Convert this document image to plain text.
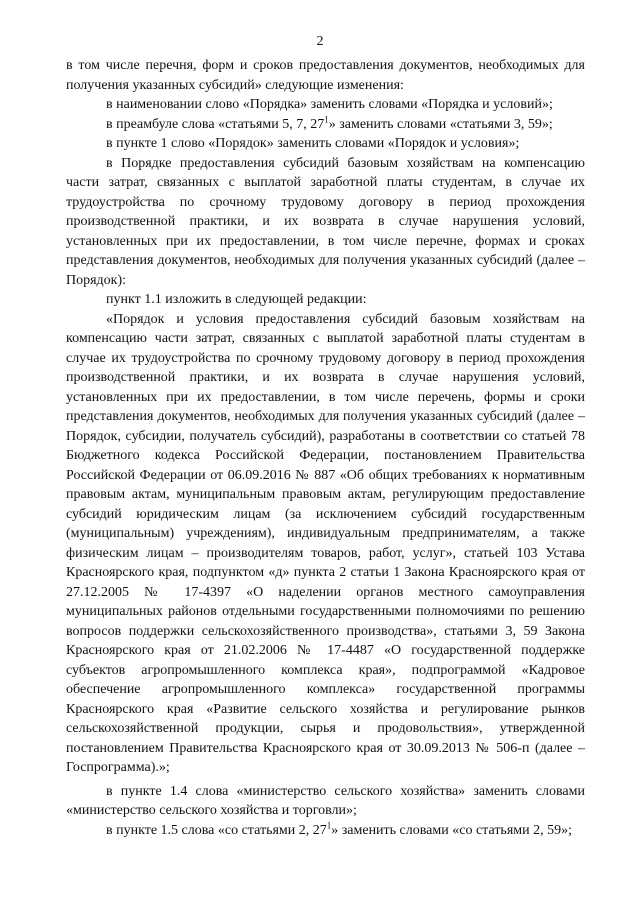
2

в том числе перечня, форм и сроков предоставления документов, необходимых для получения указанных субсидий» следующие изменения:

в наименовании слово «Порядка» заменить словами «Порядка и условий»;

в преамбуле слова «статьями 5, 7, $27^1$» заменить словами «статьями 3, 59»;

в пункте 1 слово «Порядок» заменить словами «Порядок и условия»;

в Порядке предоставления субсидий базовым хозяйствам на компенсацию части затрат, связанных с выплатой заработной платы студентам, в случае их трудоустройства по срочному трудовому договору в период прохождения производственной практики, и их возврата в случае нарушения условий, установленных при их предоставлении, в том числе перечне, формах и сроках представления документов, необходимых для получения указанных субсидий (далее – Порядок):

пункт 1.1 изложить в следующей редакции:

«Порядок и условия предоставления субсидий базовым хозяйствам на компенсацию части затрат, связанных с выплатой заработной платы студентам в случае их трудоустройства по срочному трудовому договору в период прохождения производственной практики, и их возврата в случае нарушения условий, установленных при их предоставлении, в том числе перечень, формы и сроки представления документов, необходимых для получения указанных субсидий (далее – Порядок, субсидии, получатель субсидий), разработаны в соответствии со статьей 78 Бюджетного кодекса Российской Федерации, постановлением Правительства Российской Федерации от 06.09.2016 № 887 «Об общих требованиях к нормативным правовым актам, муниципальным правовым актам, регулирующим предоставление субсидий юридическим лицам (за исключением субсидий государственным (муниципальным) учреждениям), индивидуальным предпринимателям, а также физическим лицам – производителям товаров, работ, услуг», статьей 103 Устава Красноярского края, подпунктом «д» пункта 2 статьи 1 Закона Красноярского края от 27.12.2005 № 17-4397 «О наделении органов местного самоуправления муниципальных районов отдельными государственными полномочиями по решению вопросов поддержки сельскохозяйственного производства», статьями 3, 59 Закона Красноярского края от 21.02.2006 № 17-4487 «О государственной поддержке субъектов агропромышленного комплекса края», подпрограммой «Кадровое обеспечение агропромышленного комплекса» государственной программы Красноярского края «Развитие сельского хозяйства и регулирование рынков сельскохозяйственной продукции, сырья и продовольствия», утвержденной постановлением Правительства Красноярского края от 30.09.2013 № 506-п (далее – Госпрограмма).»;

в пункте 1.4 слова «министерство сельского хозяйства» заменить словами «министерство сельского хозяйства и торговли»;

в пункте 1.5 слова «со статьями 2, $27^1$» заменить словами «со статьями 2, 59»;
